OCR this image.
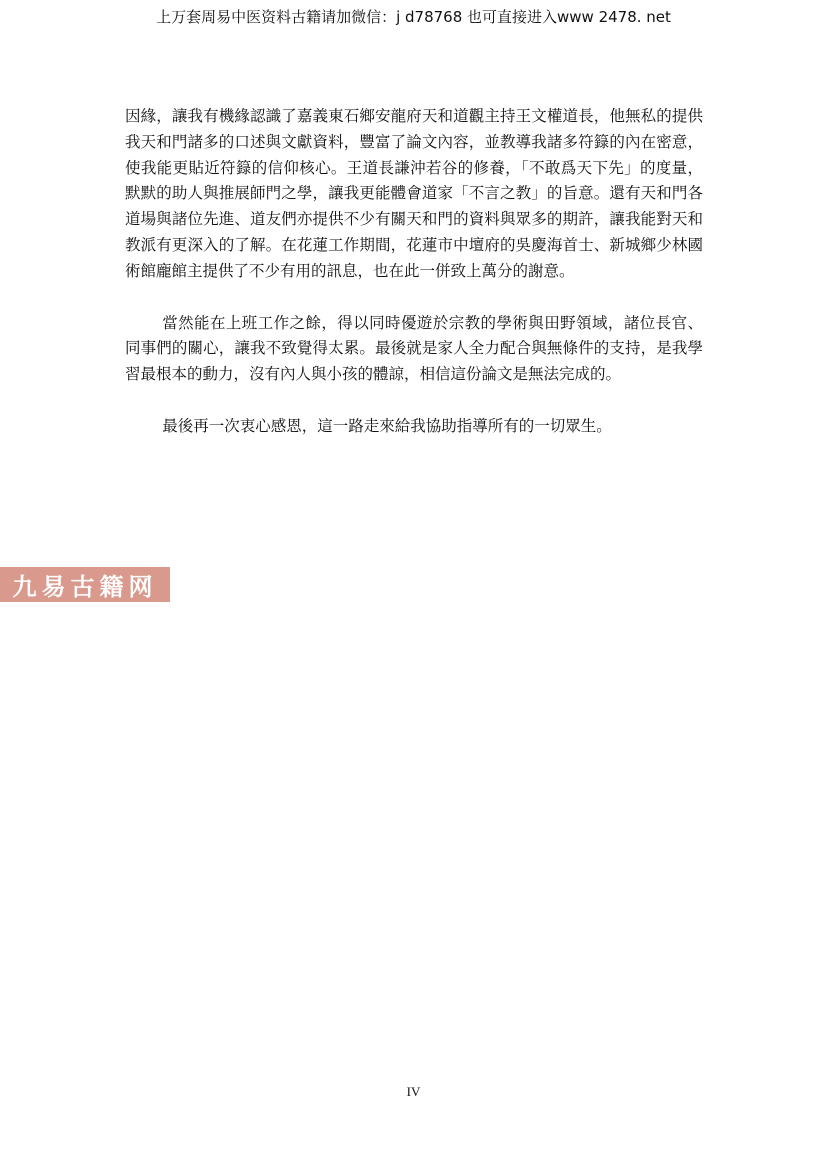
上万套周易中医资料古籍请加微信：j d78768 也可直接进入www 2478. net

因緣，讓我有機緣認識了嘉義東石鄉安龍府天和道觀主持王文權道長，他無私的提供我天和門諸多的口述與文獻資料，豐富了論文內容，並教導我諸多符籙的內在密意，使我能更貼近符籙的信仰核心。王道長謙沖若谷的修養，「不敢爲天下先」的度量，默默的助人與推展師門之學，讓我更能體會道家「不言之教」的旨意。還有天和門各道場與諸位先進、道友們亦提供不少有關天和門的資料與眾多的期許，讓我能對天和教派有更深入的了解。在花蓮工作期間，花蓮市中壇府的吳慶海首士、新城鄉少林國術館龐館主提供了不少有用的訊息，也在此一併致上萬分的謝意。

當然能在上班工作之餘，得以同時優遊於宗教的學術與田野領域，諸位長官、同事們的關心，讓我不致覺得太累。最後就是家人全力配合與無條件的支持，是我學習最根本的動力，沒有內人與小孩的體諒，相信這份論文是無法完成的。

最後再一次衷心感恩，這一路走來給我協助指導所有的一切眾生。

九易古籍网
IV
